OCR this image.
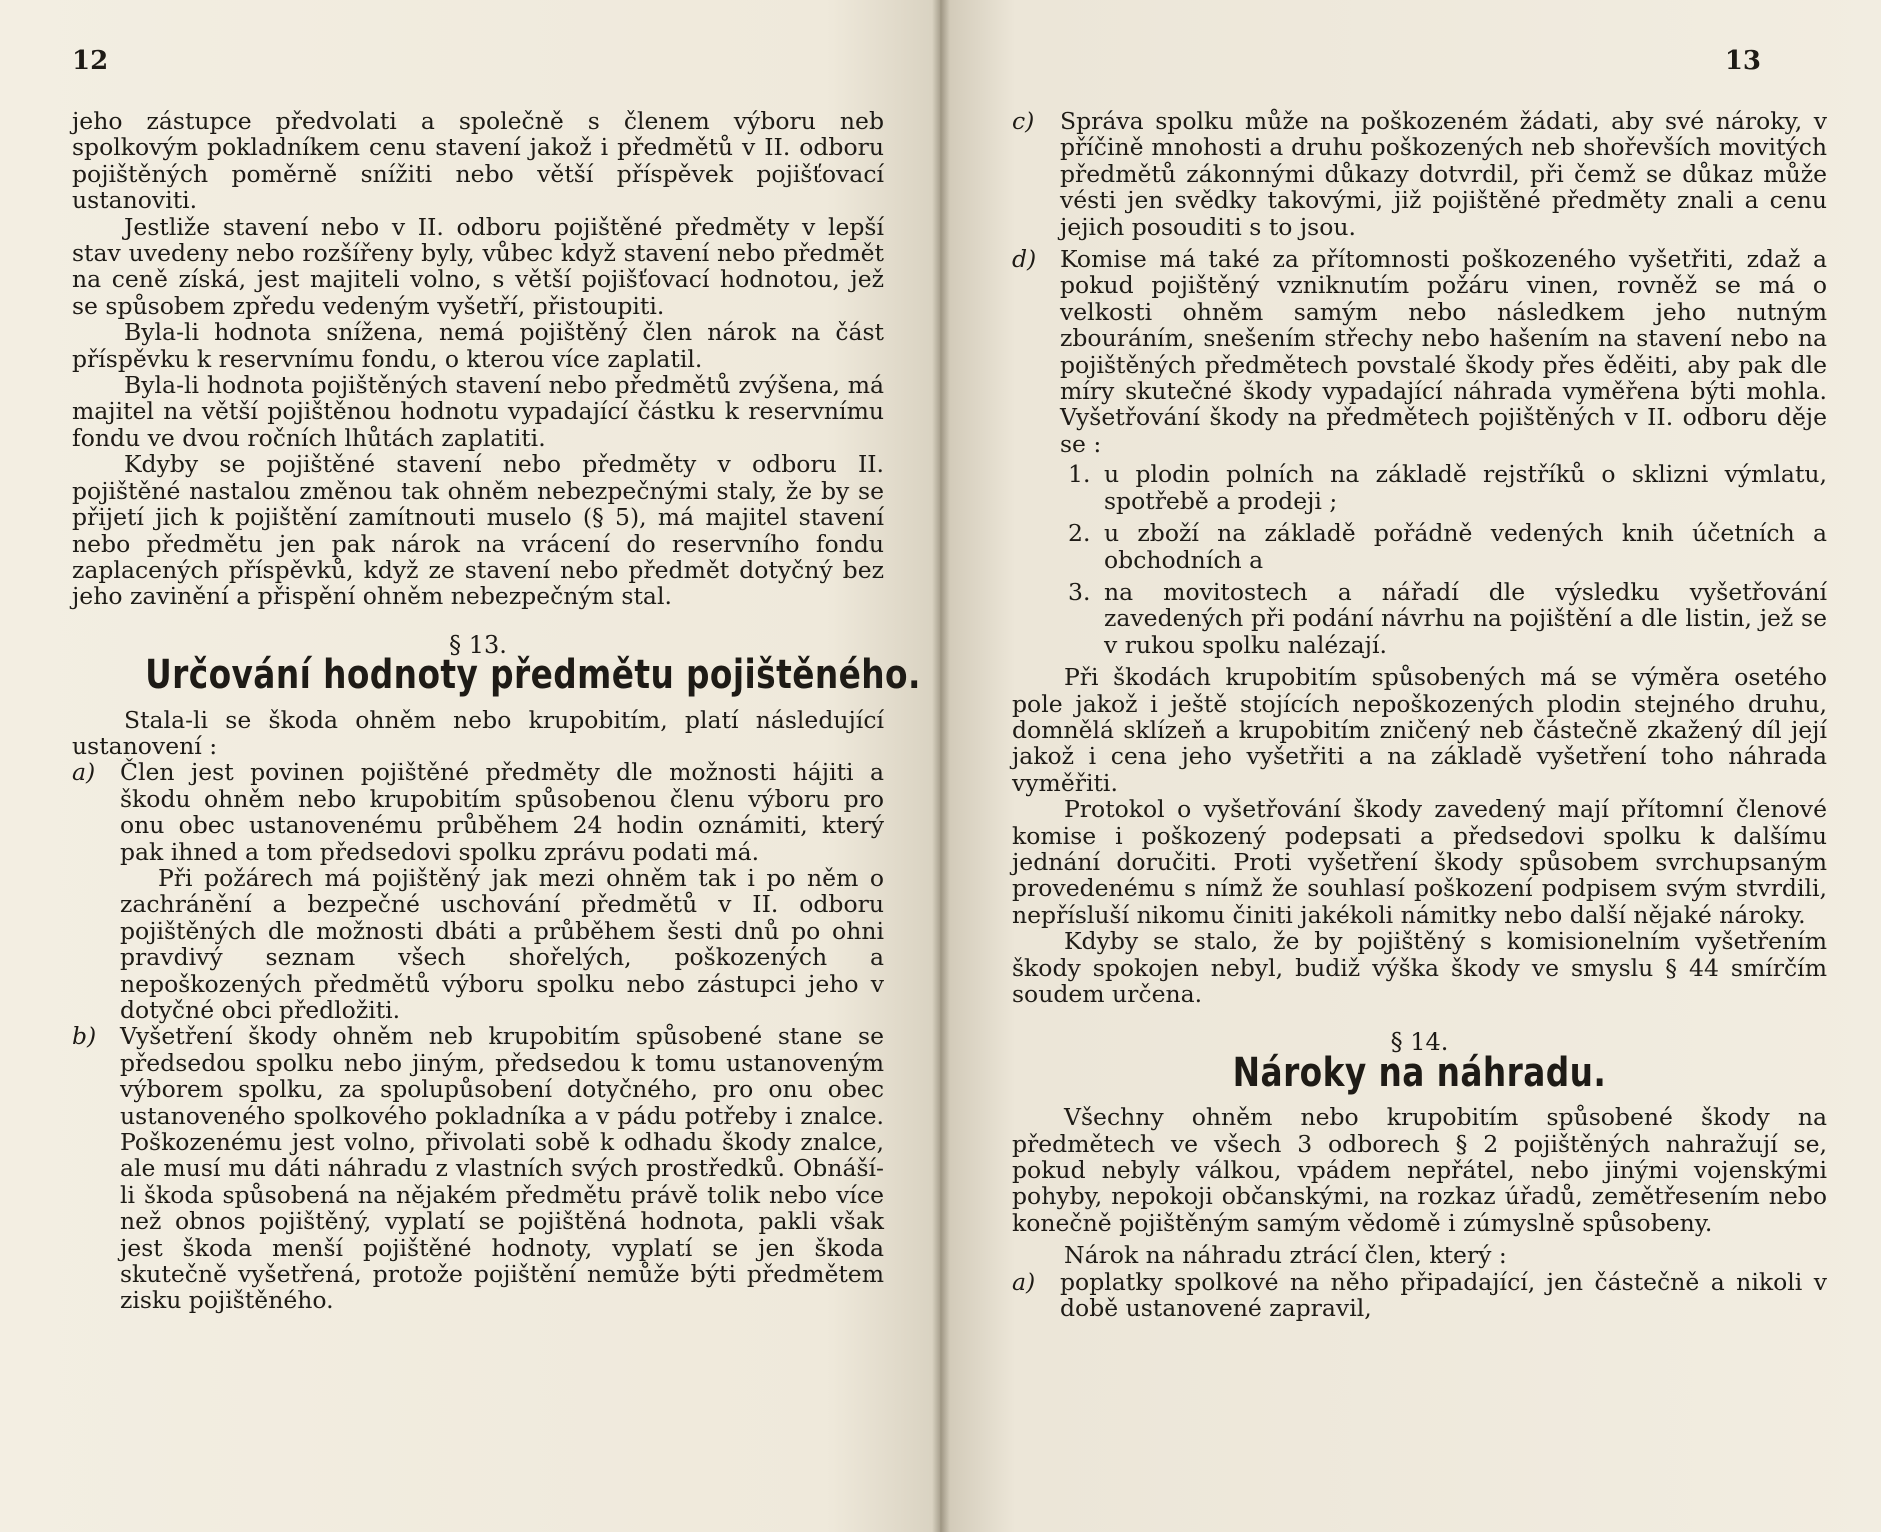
12

jeho zástupce předvolati a společně s členem výboru neb spolkovým pokladníkem cenu stavení jakož i předmětů v II. odboru pojištěných poměrně snížiti nebo větší příspěvek pojišťovací ustanoviti.

Jestliže stavení nebo v II. odboru pojištěné předměty v lepší stav uvedeny nebo rozšířeny byly, vůbec když stavení nebo předmět na ceně získá, jest majiteli volno, s větší pojišťovací hodnotou, jež se spůsobem zpředu vedeným vyšetří, přistoupiti.

Byla-li hodnota snížena, nemá pojištěný člen nárok na část příspěvku k reservnímu fondu, o kterou více zaplatil.

Byla-li hodnota pojištěných stavení nebo předmětů zvýšena, má majitel na větší pojištěnou hodnotu vypadající částku k reservnímu fondu ve dvou ročních lhůtách zaplatiti.

Kdyby se pojištěné stavení nebo předměty v odboru II. pojištěné nastalou změnou tak ohněm nebezpečnými staly, že by se přijetí jich k pojištění zamítnouti muselo (§ 5), má majitel stavení nebo předmětu jen pak nárok na vrácení do reservního fondu zaplacených příspěvků, když ze stavení nebo předmět dotyčný bez jeho zavinění a přispění ohněm nebezpečným stal.

§ 13.
Určování hodnoty předmětu pojištěného.

Stala-li se škoda ohněm nebo krupobitím, platí následující ustanovení :

a)	Člen jest povinen pojištěné předměty dle možnosti hájiti a škodu ohněm nebo krupobitím spůsobenou členu výboru pro onu obec ustanovenému průběhem 24 hodin oznámiti, který pak ihned a tom předsedovi spolku zprávu podati má.

Při požárech má pojištěný jak mezi ohněm tak i po něm o zachránění a bezpečné uschování předmětů v II. odboru pojištěných dle možnosti dbáti a průběhem šesti dnů po ohni pravdivý seznam všech shořelých, poškozených a nepoškozených předmětů výboru spolku nebo zástupci jeho v dotyčné obci předložiti.

b)	Vyšetření škody ohněm neb krupobitím spůsobené stane se předsedou spolku nebo jiným, předsedou k tomu ustanoveným výborem spolku, za spolupůsobení dotyčného, pro onu obec ustanoveného spolkového pokladníka a v pádu potřeby i znalce. Poškozenému jest volno, přivolati sobě k odhadu škody znalce, ale musí mu dáti náhradu z vlastních svých prostředků. Obnáší-li škoda spůsobená na nějakém předmětu právě tolik nebo více než obnos pojištěný, vyplatí se pojištěná hodnota, pakli však jest škoda menší pojištěné hodnoty, vyplatí se jen škoda skutečně vyšetřená, protože pojištění nemůže býti předmětem zisku pojištěného.

13
c)	Správa spolku může na poškozeném žádati, aby své nároky, v příčině mnohosti a druhu poškozených neb shořevších movitých předmětů zákonnými důkazy dotvrdil, při čemž se důkaz může vésti jen svědky takovými, již pojištěné předměty znali a cenu jejich posouditi s to jsou.

d)	Komise má také za přítomnosti poškozeného vyšetřiti, zdaž a pokud pojištěný vzniknutím požáru vinen, rovněž se má o velkosti ohněm samým nebo následkem jeho nutným zbouráním, snešením střechy nebo hašením na stavení nebo na pojištěných předmětech povstalé škody přes ěděiti, aby pak dle míry skutečné škody vypadající náhrada vyměřena býti mohla. Vyšetřování škody na předmětech pojištěných v II. odboru děje se :

1. u plodin polních na základě rejstříků o sklizni výmlatu, spotřebě a prodeji ;

2. u zboží na základě pořádně vedených knih účetních a obchodních a

3. na movitostech a nářadí dle výsledku vyšetřování zavedených při podání návrhu na pojištění a dle listin, jež se v rukou spolku nalézají.

Při škodách krupobitím spůsobených má se výměra osetého pole jakož i ještě stojících nepoškozených plodin stejného druhu, domnělá sklízeň a krupobitím zničený neb částečně zkažený díl její jakož i cena jeho vyšetřiti a na základě vyšetření toho náhrada vyměřiti.

Protokol o vyšetřování škody zavedený mají přítomní členové komise i poškozený podepsati a předsedovi spolku k dalšímu jednání doručiti. Proti vyšetření škody spůsobem svrchupsaným provedenému s nímž že souhlasí poškození podpisem svým stvrdili, nepřísluší nikomu činiti jakékoli námitky nebo další nějaké nároky.

Kdyby se stalo, že by pojištěný s komisionelním vyšetřením škody spokojen nebyl, budiž výška škody ve smyslu § 44 smírčím soudem určena.

§ 14.
Nároky na náhradu.

Všechny ohněm nebo krupobitím spůsobené škody na předmětech ve všech 3 odborech § 2 pojištěných nahražují se, pokud nebyly válkou, vpádem nepřátel, nebo jinými vojenskými pohyby, nepokoji občanskými, na rozkaz úřadů, zemětřesením nebo konečně pojištěným samým vědomě i zúmyslně spůsobeny.

Nárok na náhradu ztrácí člen, který :

a)	poplatky spolkové na něho připadající, jen částečně a nikoli v době ustanovené zapravil,
